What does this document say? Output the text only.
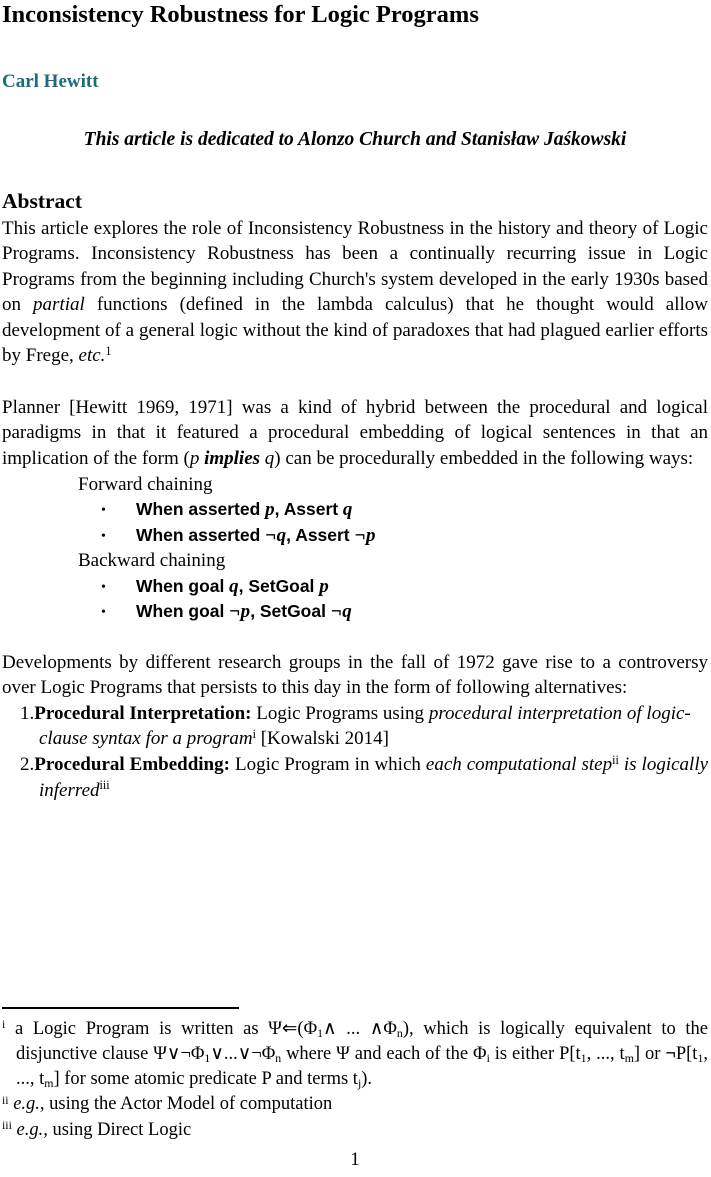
Inconsistency Robustness for Logic Programs
Carl Hewitt
This article is dedicated to Alonzo Church and Stanisław Jaśkowski
Abstract

This article explores the role of Inconsistency Robustness in the history and theory of Logic Programs. Inconsistency Robustness has been a continually recurring issue in Logic Programs from the beginning including Church's system developed in the early 1930s based on partial functions (defined in the lambda calculus) that he thought would allow development of a general logic without the kind of paradoxes that had plagued earlier efforts by Frege, etc.$^1$

Planner [Hewitt 1969, 1971] was a kind of hybrid between the procedural and logical paradigms in that it featured a procedural embedding of logical sentences in that an implication of the form (p implies q) can be procedurally embedded in the following ways:

Forward chaining
• When asserted p, Assert q
• When asserted ¬q, Assert ¬p
Backward chaining
• When goal q, SetGoal p
• When goal ¬p, SetGoal ¬q

Developments by different research groups in the fall of 1972 gave rise to a controversy over Logic Programs that persists to this day in the form of following alternatives:

1.Procedural Interpretation: Logic Programs using procedural interpretation of logic-clause syntax for a program$^i$ [Kowalski 2014]
2.Procedural Embedding: Logic Program in which each computational step$^{ii}$ is logically inferred$^{iii}$
$^i$ a Logic Program is written as Ψ⇐(Φ1∧ ... ∧Φn), which is logically equivalent to the disjunctive clause Ψ∨¬Φ1∨...∨¬Φn where Ψ and each of the Φi is either P[t1, ..., tm] or ¬P[t1, ..., tm] for some atomic predicate P and terms tj).
$^{ii}$ e.g., using the Actor Model of computation
$^{iii}$ e.g., using Direct Logic
1
